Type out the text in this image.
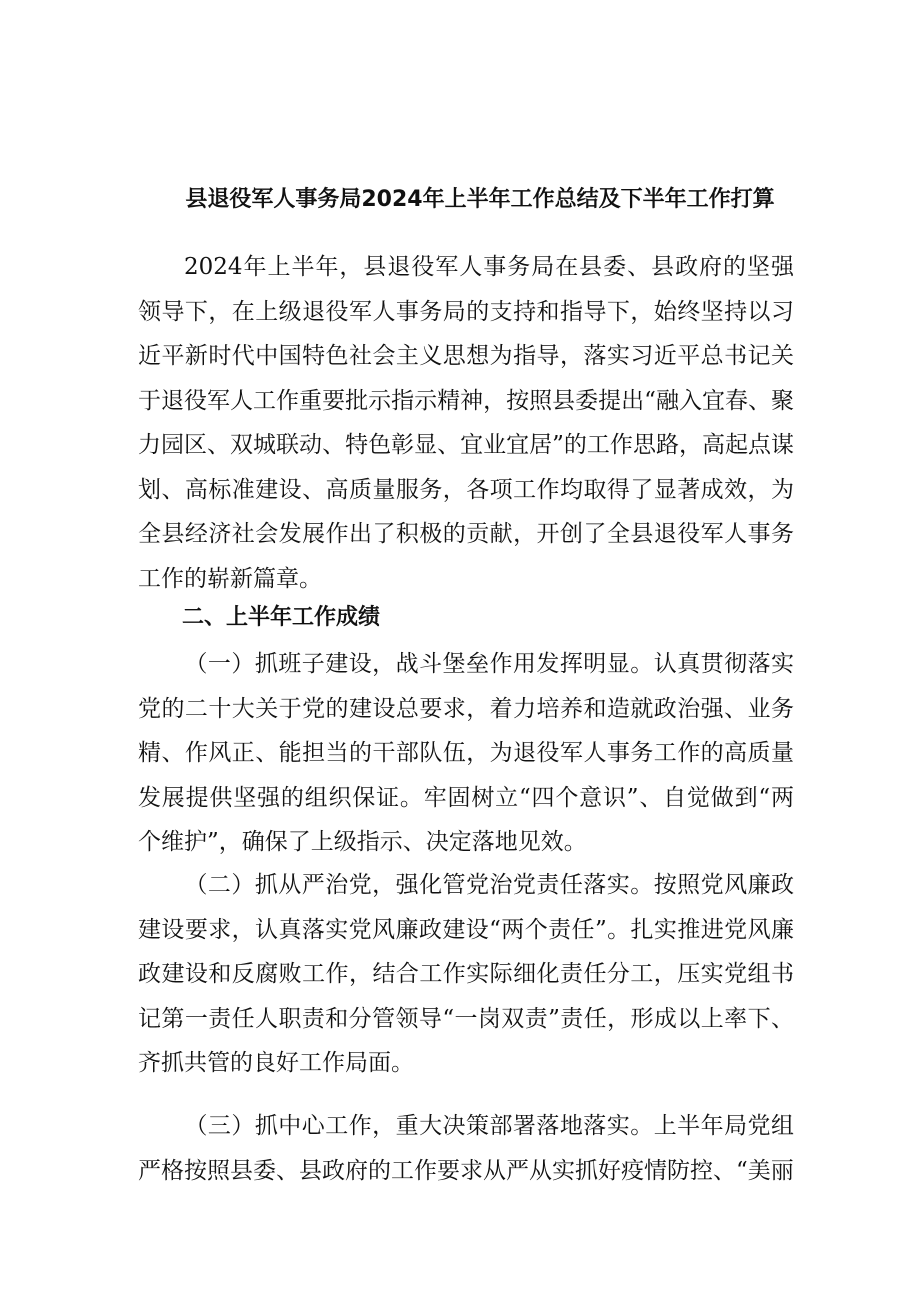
县退役军人事务局2024年上半年工作总结及下半年工作打算

2024年上半年，县退役军人事务局在县委、县政府的坚强领导下，在上级退役军人事务局的支持和指导下，始终坚持以习近平新时代中国特色社会主义思想为指导，落实习近平总书记关于退役军人工作重要批示指示精神，按照县委提出“融入宜春、聚力园区、双城联动、特色彰显、宜业宜居”的工作思路，高起点谋划、高标准建设、高质量服务，各项工作均取得了显著成效，为全县经济社会发展作出了积极的贡献，开创了全县退役军人事务工作的崭新篇章。

二、上半年工作成绩

（一）抓班子建设，战斗堡垒作用发挥明显。认真贯彻落实党的二十大关于党的建设总要求，着力培养和造就政治强、业务精、作风正、能担当的干部队伍，为退役军人事务工作的高质量发展提供坚强的组织保证。牢固树立“四个意识”、自觉做到“两个维护”，确保了上级指示、决定落地见效。

（二）抓从严治党，强化管党治党责任落实。按照党风廉政建设要求，认真落实党风廉政建设“两个责任”。扎实推进党风廉政建设和反腐败工作，结合工作实际细化责任分工，压实党组书记第一责任人职责和分管领导“一岗双责”责任，形成以上率下、齐抓共管的良好工作局面。

（三）抓中心工作，重大决策部署落地落实。上半年局党组严格按照县委、县政府的工作要求从严从实抓好疫情防控、“美丽
